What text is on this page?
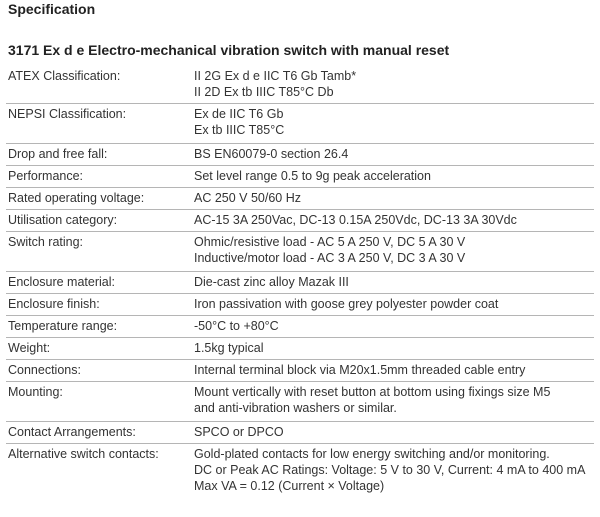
Specification
3171 Ex d e Electro-mechanical vibration switch with manual reset
ATEX Classification:	II 2G Ex d e IIC T6 Gb Tamb*
II 2D Ex tb IIIC T85°C Db
NEPSI Classification:	Ex de IIC T6 Gb
Ex tb IIIC T85°C
Drop and free fall:	BS EN60079-0 section 26.4
Performance:	Set level range 0.5 to 9g peak acceleration
Rated operating voltage:	AC 250 V 50/60 Hz
Utilisation category:	AC-15 3A 250Vac, DC-13 0.15A 250Vdc, DC-13 3A 30Vdc
Switch rating:	Ohmic/resistive load - AC 5 A 250 V, DC 5 A 30 V
Inductive/motor load - AC 3 A 250 V, DC 3 A 30 V
Enclosure material:	Die-cast zinc alloy Mazak III
Enclosure finish:	Iron passivation with goose grey polyester powder coat
Temperature range:	-50°C to +80°C
Weight:	1.5kg typical
Connections:	Internal terminal block via M20x1.5mm threaded cable entry
Mounting:	Mount vertically with reset button at bottom using fixings size M5
and anti-vibration washers or similar.
Contact Arrangements:	SPCO or DPCO
Alternative switch contacts:	Gold-plated contacts for low energy switching and/or monitoring.
DC or Peak AC Ratings: Voltage: 5 V to 30 V, Current: 4 mA to 400 mA
Max VA = 0.12 (Current × Voltage)
